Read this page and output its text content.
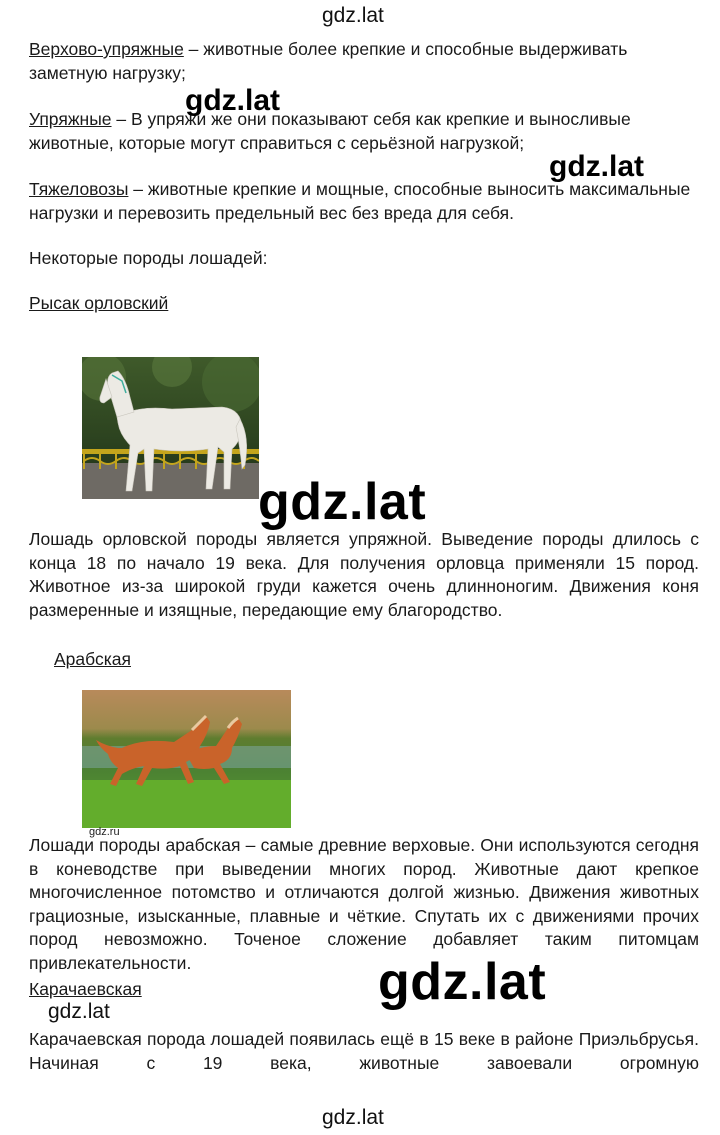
gdz.lat
Верхово-упряжные – животные более крепкие и способные выдерживать заметную нагрузку;
Упряжные – В упряжи же они показывают себя как крепкие и выносливые животные, которые могут справиться с серьёзной нагрузкой;
Тяжеловозы – животные крепкие и мощные, способные выносить максимальные нагрузки и перевозить предельный вес без вреда для себя.
Некоторые породы лошадей:
Рысак орловский
gdz.lat
Лошадь орловской породы является упряжной. Выведение породы длилось с конца 18 по начало 19 века. Для получения орловца применяли 15 пород. Животное из-за широкой груди кажется очень длинноногим. Движения коня размеренные и изящные, передающие ему благородство.
Арабская
gdz.ru
Лошади породы арабская – самые древние верховые. Они используются сегодня в коневодстве при выведении многих пород. Животные дают крепкое многочисленное потомство и отличаются долгой жизнью. Движения животных грациозные, изысканные, плавные и чёткие. Спутать их с движениями прочих пород невозможно. Точеное сложение добавляет таким питомцам привлекательности.
Карачаевская	gdz.lat
gdz.lat
Карачаевская порода лошадей появилась ещё в 15 веке в районе Приэльбрусья. Начиная с 19 века, животные завоевали огромную
gdz.lat
gdz.lat
gdz.lat
